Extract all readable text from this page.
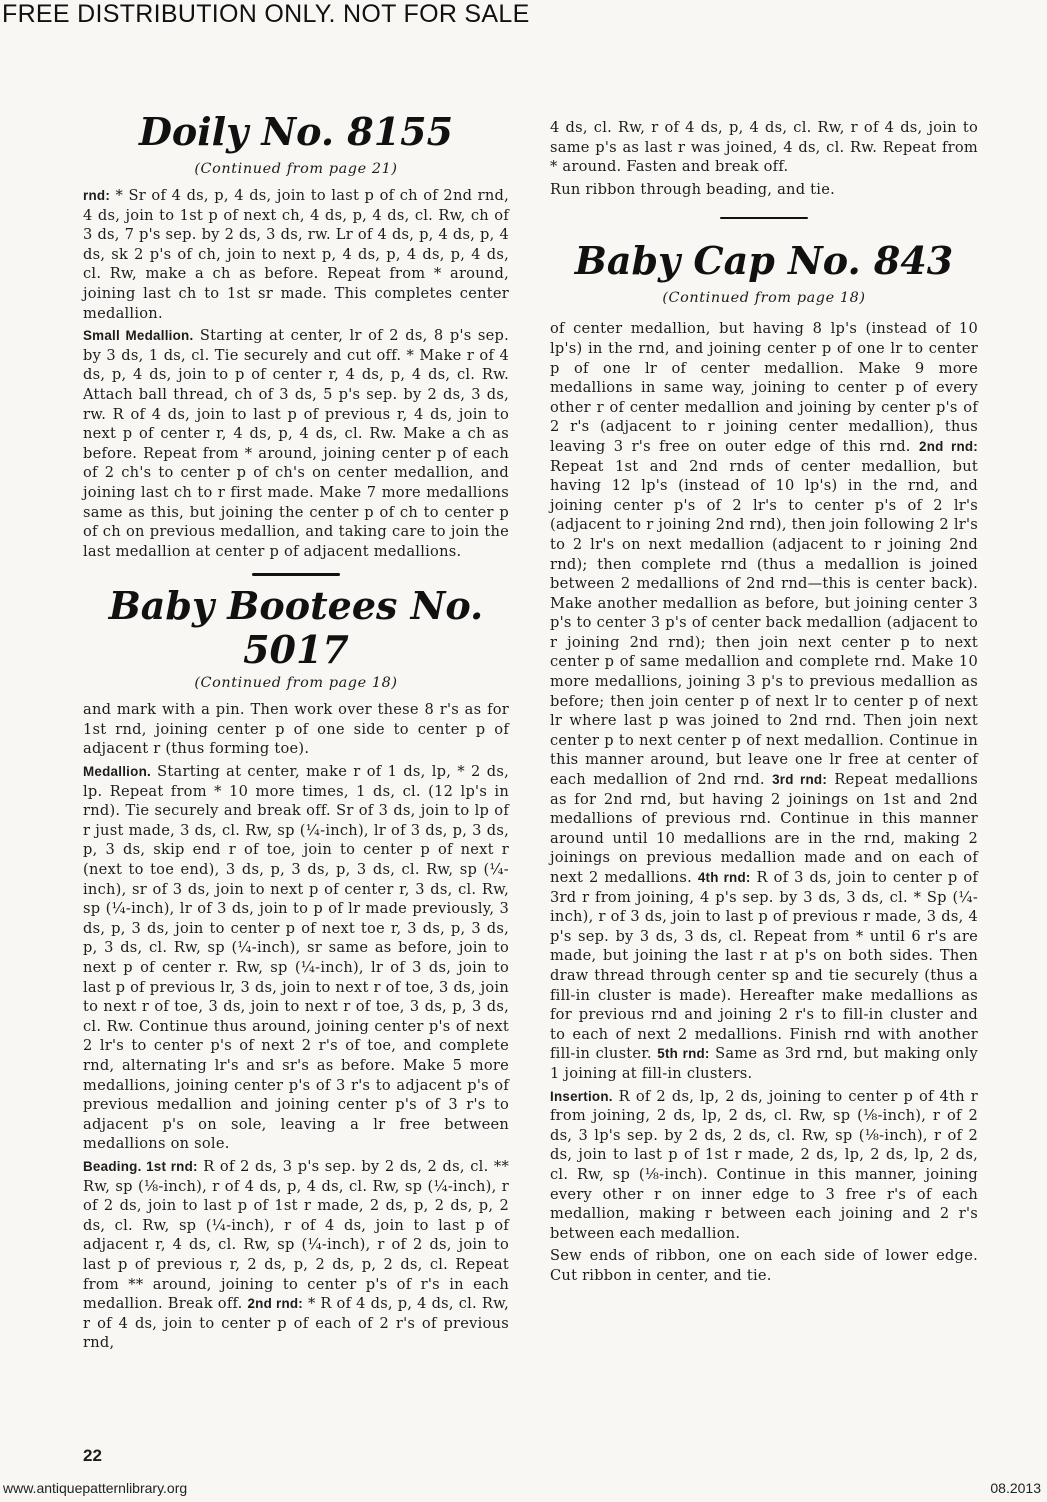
FREE DISTRIBUTION ONLY. NOT FOR SALE
Doily No. 8155
(Continued from page 21)

rnd: * Sr of 4 ds, p, 4 ds, join to last p of ch of 2nd rnd, 4 ds, join to 1st p of next ch, 4 ds, p, 4 ds, cl. Rw, ch of 3 ds, 7 p's sep. by 2 ds, 3 ds, rw. Lr of 4 ds, p, 4 ds, p, 4 ds, sk 2 p's of ch, join to next p, 4 ds, p, 4 ds, p, 4 ds, cl. Rw, make a ch as before. Repeat from * around, joining last ch to 1st sr made. This completes center medallion.

Small Medallion. Starting at center, lr of 2 ds, 8 p's sep. by 3 ds, 1 ds, cl. Tie securely and cut off. * Make r of 4 ds, p, 4 ds, join to p of center r, 4 ds, p, 4 ds, cl. Rw. Attach ball thread, ch of 3 ds, 5 p's sep. by 2 ds, 3 ds, rw. R of 4 ds, join to last p of previous r, 4 ds, join to next p of center r, 4 ds, p, 4 ds, cl. Rw. Make a ch as before. Repeat from * around, joining center p of each of 2 ch's to center p of ch's on center medallion, and joining last ch to r first made. Make 7 more medallions same as this, but joining the center p of ch to center p of ch on previous medallion, and taking care to join the last medallion at center p of adjacent medallions.

Baby Bootees No. 5017
(Continued from page 18)

and mark with a pin. Then work over these 8 r's as for 1st rnd, joining center p of one side to center p of adjacent r (thus forming toe).

Medallion. Starting at center, make r of 1 ds, lp, * 2 ds, lp. Repeat from * 10 more times, 1 ds, cl. (12 lp's in rnd). Tie securely and break off. Sr of 3 ds, join to lp of r just made, 3 ds, cl. Rw, sp (¼-inch), lr of 3 ds, p, 3 ds, p, 3 ds, skip end r of toe, join to center p of next r (next to toe end), 3 ds, p, 3 ds, p, 3 ds, cl. Rw, sp (¼-inch), sr of 3 ds, join to next p of center r, 3 ds, cl. Rw, sp (¼-inch), lr of 3 ds, join to p of lr made previously, 3 ds, p, 3 ds, join to center p of next toe r, 3 ds, p, 3 ds, p, 3 ds, cl. Rw, sp (¼-inch), sr same as before, join to next p of center r. Rw, sp (¼-inch), lr of 3 ds, join to last p of previous lr, 3 ds, join to next r of toe, 3 ds, join to next r of toe, 3 ds, join to next r of toe, 3 ds, p, 3 ds, cl. Rw. Continue thus around, joining center p's of next 2 lr's to center p's of next 2 r's of toe, and complete rnd, alternating lr's and sr's as before. Make 5 more medallions, joining center p's of 3 r's to adjacent p's of previous medallion and joining center p's of 3 r's to adjacent p's on sole, leaving a lr free between medallions on sole.

Beading. 1st rnd: R of 2 ds, 3 p's sep. by 2 ds, 2 ds, cl. ** Rw, sp (⅛-inch), r of 4 ds, p, 4 ds, cl. Rw, sp (¼-inch), r of 2 ds, join to last p of 1st r made, 2 ds, p, 2 ds, p, 2 ds, cl. Rw, sp (¼-inch), r of 4 ds, join to last p of adjacent r, 4 ds, cl. Rw, sp (¼-inch), r of 2 ds, join to last p of previous r, 2 ds, p, 2 ds, p, 2 ds, cl. Repeat from ** around, joining to center p's of r's in each medallion. Break off. 2nd rnd: * R of 4 ds, p, 4 ds, cl. Rw, r of 4 ds, join to center p of each of 2 r's of previous rnd,

4 ds, cl. Rw, r of 4 ds, p, 4 ds, cl. Rw, r of 4 ds, join to same p's as last r was joined, 4 ds, cl. Rw. Repeat from * around. Fasten and break off.

Run ribbon through beading, and tie.

Baby Cap No. 843
(Continued from page 18)

of center medallion, but having 8 lp's (instead of 10 lp's) in the rnd, and joining center p of one lr to center p of one lr of center medallion. Make 9 more medallions in same way, joining to center p of every other r of center medallion and joining by center p's of 2 r's (adjacent to r joining center medallion), thus leaving 3 r's free on outer edge of this rnd. 2nd rnd: Repeat 1st and 2nd rnds of center medallion, but having 12 lp's (instead of 10 lp's) in the rnd, and joining center p's of 2 lr's to center p's of 2 lr's (adjacent to r joining 2nd rnd), then join following 2 lr's to 2 lr's on next medallion (adjacent to r joining 2nd rnd); then complete rnd (thus a medallion is joined between 2 medallions of 2nd rnd—this is center back). Make another medallion as before, but joining center 3 p's to center 3 p's of center back medallion (adjacent to r joining 2nd rnd); then join next center p to next center p of same medallion and complete rnd. Make 10 more medallions, joining 3 p's to previous medallion as before; then join center p of next lr to center p of next lr where last p was joined to 2nd rnd. Then join next center p to next center p of next medallion. Continue in this manner around, but leave one lr free at center of each medallion of 2nd rnd. 3rd rnd: Repeat medallions as for 2nd rnd, but having 2 joinings on 1st and 2nd medallions of previous rnd. Continue in this manner around until 10 medallions are in the rnd, making 2 joinings on previous medallion made and on each of next 2 medallions. 4th rnd: R of 3 ds, join to center p of 3rd r from joining, 4 p's sep. by 3 ds, 3 ds, cl. * Sp (¼-inch), r of 3 ds, join to last p of previous r made, 3 ds, 4 p's sep. by 3 ds, 3 ds, cl. Repeat from * until 6 r's are made, but joining the last r at p's on both sides. Then draw thread through center sp and tie securely (thus a fill-in cluster is made). Hereafter make medallions as for previous rnd and joining 2 r's to fill-in cluster and to each of next 2 medallions. Finish rnd with another fill-in cluster. 5th rnd: Same as 3rd rnd, but making only 1 joining at fill-in clusters.

Insertion. R of 2 ds, lp, 2 ds, joining to center p of 4th r from joining, 2 ds, lp, 2 ds, cl. Rw, sp (⅛-inch), r of 2 ds, 3 lp's sep. by 2 ds, 2 ds, cl. Rw, sp (⅛-inch), r of 2 ds, join to last p of 1st r made, 2 ds, lp, 2 ds, lp, 2 ds, cl. Rw, sp (⅛-inch). Continue in this manner, joining every other r on inner edge to 3 free r's of each medallion, making r between each joining and 2 r's between each medallion.

Sew ends of ribbon, one on each side of lower edge. Cut ribbon in center, and tie.

22
www.antiquepatternlibrary.org	08.2013
